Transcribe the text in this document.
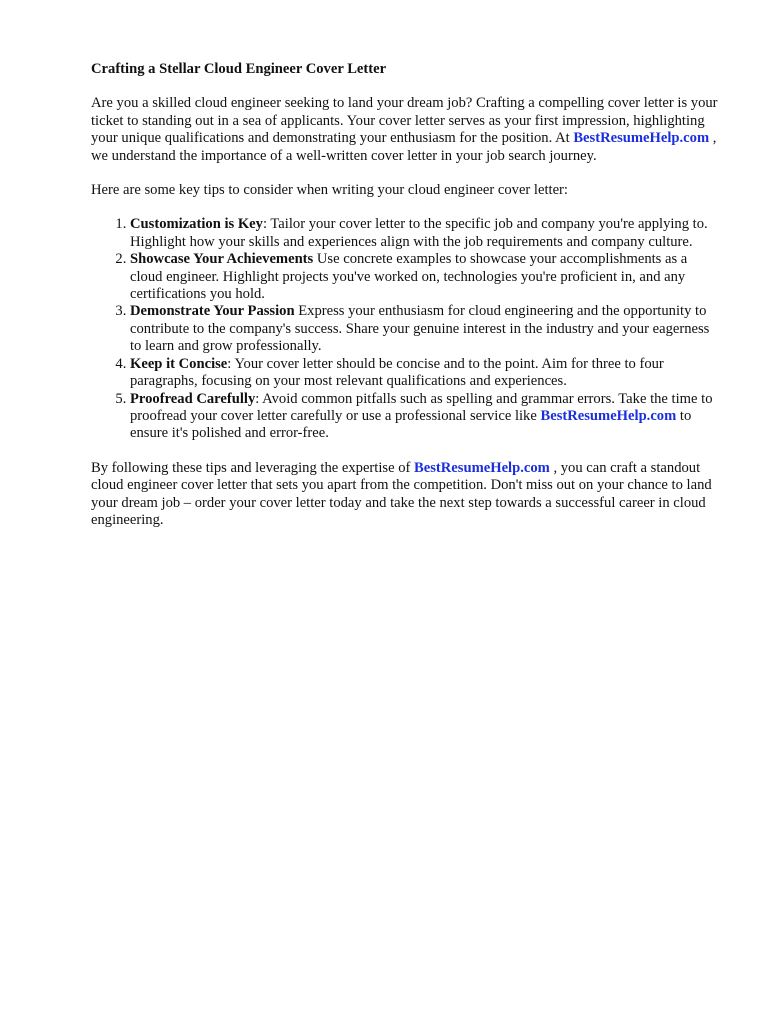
Crafting a Stellar Cloud Engineer Cover Letter

Are you a skilled cloud engineer seeking to land your dream job? Crafting a compelling cover letter is your ticket to standing out in a sea of applicants. Your cover letter serves as your first impression, highlighting your unique qualifications and demonstrating your enthusiasm for the position. At BestResumeHelp.com , we understand the importance of a well-written cover letter in your job search journey.

Here are some key tips to consider when writing your cloud engineer cover letter:

1. Customization is Key: Tailor your cover letter to the specific job and company you're applying to. Highlight how your skills and experiences align with the job requirements and company culture.
2. Showcase Your Achievements Use concrete examples to showcase your accomplishments as a cloud engineer. Highlight projects you've worked on, technologies you're proficient in, and any certifications you hold.
3. Demonstrate Your Passion Express your enthusiasm for cloud engineering and the opportunity to contribute to the company's success. Share your genuine interest in the industry and your eagerness to learn and grow professionally.
4. Keep it Concise: Your cover letter should be concise and to the point. Aim for three to four paragraphs, focusing on your most relevant qualifications and experiences.
5. Proofread Carefully: Avoid common pitfalls such as spelling and grammar errors. Take the time to proofread your cover letter carefully or use a professional service like BestResumeHelp.com to ensure it's polished and error-free.

By following these tips and leveraging the expertise of BestResumeHelp.com , you can craft a standout cloud engineer cover letter that sets you apart from the competition. Don't miss out on your chance to land your dream job – order your cover letter today and take the next step towards a successful career in cloud engineering.
